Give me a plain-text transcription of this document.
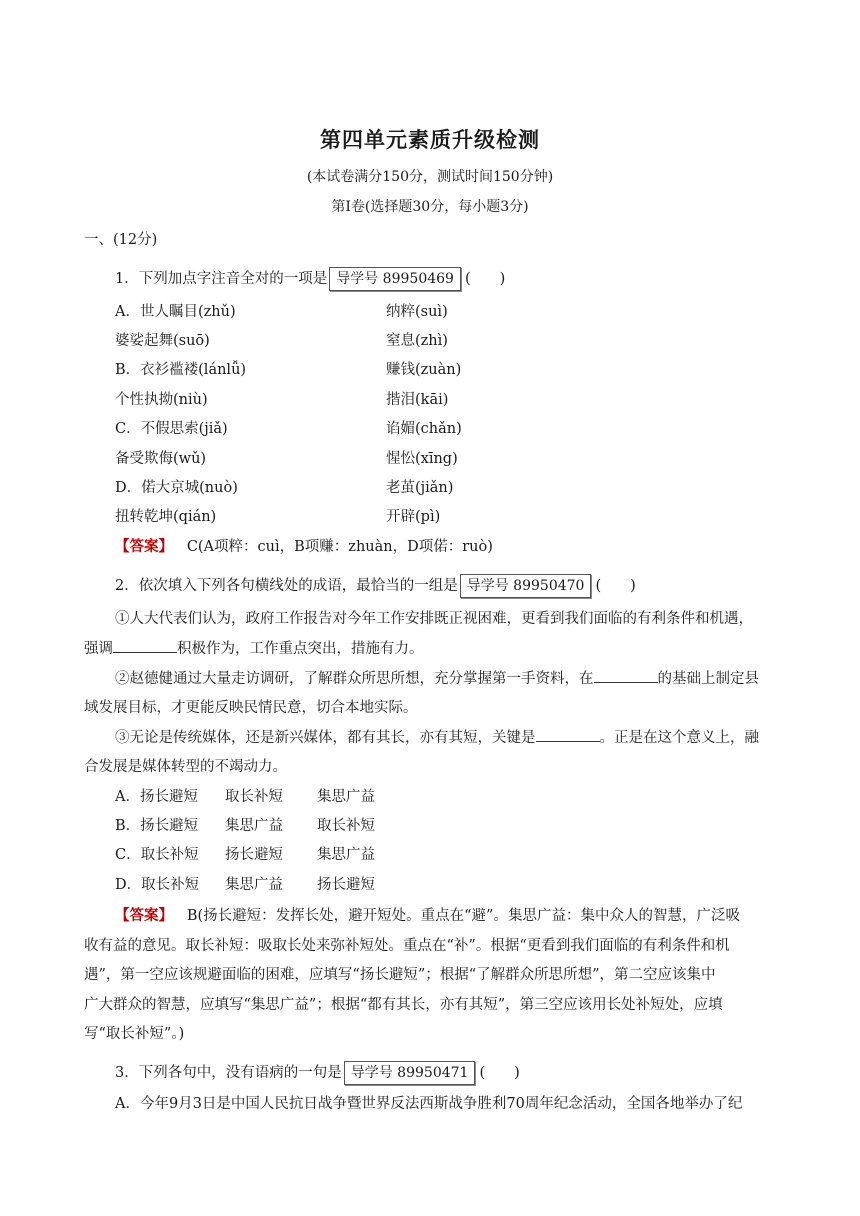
第四单元素质升级检测
(本试卷满分150分，测试时间150分钟)
第Ⅰ卷(选择题30分，每小题3分)
一、(12分)
1．下列加点字注音全对的一项是 导学号 89950469 (　　)
A．世人瞩目(zhǔ)	纳粹(suì)
婆娑起舞(suō)	窒息(zhì)
B．衣衫褴褛(lánlǚ)	赚钱(zuàn)
个性执拗(niù)	揩泪(kāi)
C．不假思索(jiǎ)	谄媚(chǎn)
备受欺侮(wǔ)	惺忪(xīng)
D．偌大京城(nuò)	老茧(jiǎn)
扭转乾坤(qián)	开辟(pì)
【答案】 C(A项粹：cuì，B项赚：zhuàn，D项偌：ruò)
2．依次填入下列各句横线处的成语，最恰当的一组是 导学号 89950470 (　　)
①人大代表们认为，政府工作报告对今年工作安排既正视困难，更看到我们面临的有利条件和机遇，
强调	积极作为，工作重点突出，措施有力。
②赵德健通过大量走访调研，了解群众所思所想，充分掌握第一手资料，在	的基础上制定县
域发展目标，才更能反映民情民意，切合本地实际。
③无论是传统媒体，还是新兴媒体，都有其长，亦有其短，关键是	。正是在这个意义上，融
合发展是媒体转型的不竭动力。
A．扬长避短 取长补短 集思广益
B．扬长避短 集思广益 取长补短
C．取长补短 扬长避短 集思广益
D．取长补短 集思广益 扬长避短
【答案】 B(扬长避短：发挥长处，避开短处。重点在“避”。集思广益：集中众人的智慧，广泛吸
收有益的意见。取长补短：吸取长处来弥补短处。重点在“补”。根据“更看到我们面临的有利条件和机
遇”，第一空应该规避面临的困难，应填写“扬长避短”；根据“了解群众所思所想”，第二空应该集中
广大群众的智慧，应填写“集思广益”；根据“都有其长，亦有其短”，第三空应该用长处补短处，应填
写“取长补短”。)
3．下列各句中，没有语病的一句是 导学号 89950471 (　　)
A．今年9月3日是中国人民抗日战争暨世界反法西斯战争胜利70周年纪念活动，全国各地举办了纪
